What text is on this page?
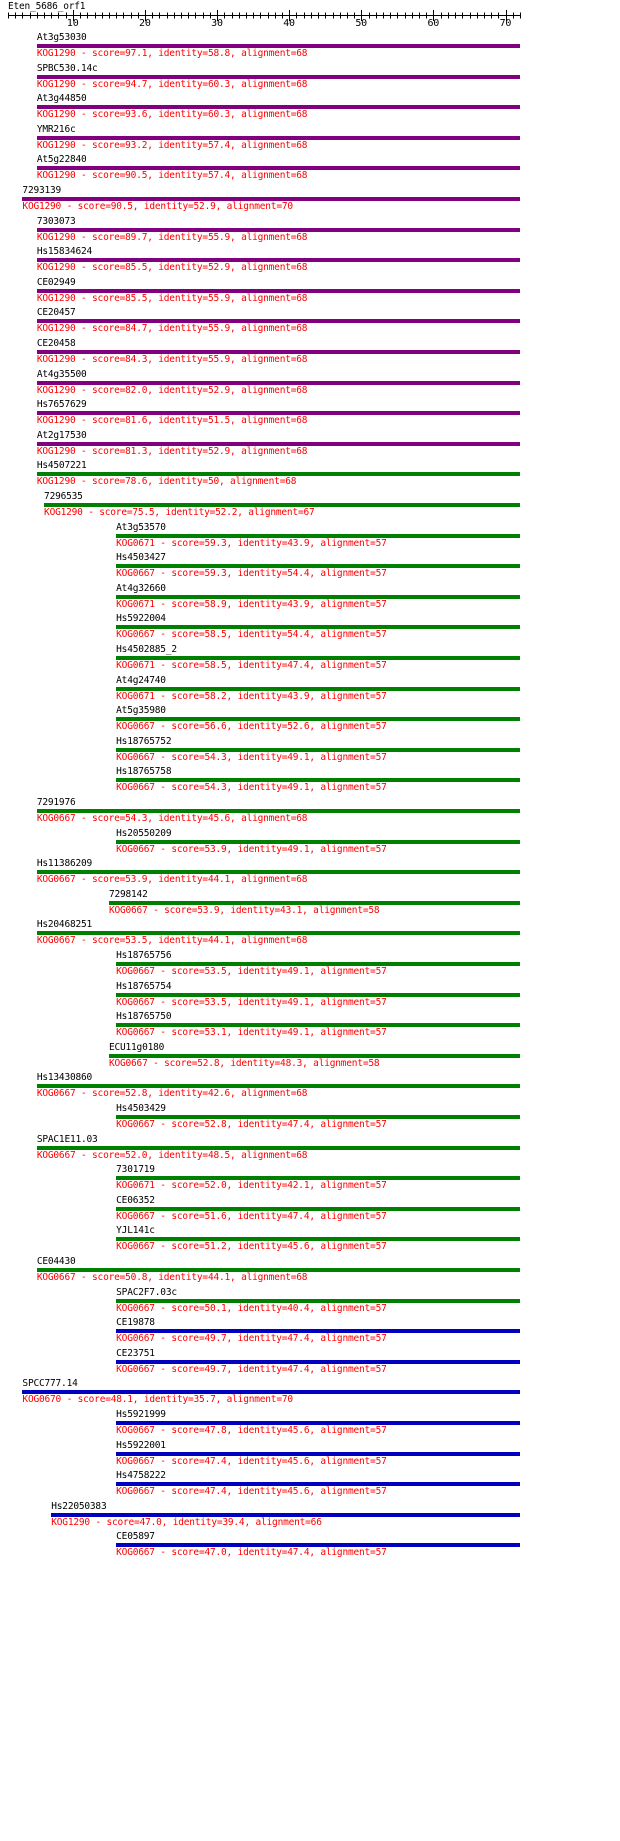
Eten_5686_orf1
At3g53030
KOG1290 - score=97.1, identity=58.8, alignment=68
SPBC530.14c
KOG1290 - score=94.7, identity=60.3, alignment=68
At3g44850
KOG1290 - score=93.6, identity=60.3, alignment=68
YMR216c
KOG1290 - score=93.2, identity=57.4, alignment=68
At5g22840
KOG1290 - score=90.5, identity=57.4, alignment=68
7293139
KOG1290 - score=90.5, identity=52.9, alignment=70
7303073
KOG1290 - score=89.7, identity=55.9, alignment=68
Hs15834624
KOG1290 - score=85.5, identity=52.9, alignment=68
CE02949
KOG1290 - score=85.5, identity=55.9, alignment=68
CE20457
KOG1290 - score=84.7, identity=55.9, alignment=68
CE20458
KOG1290 - score=84.3, identity=55.9, alignment=68
At4g35500
KOG1290 - score=82.0, identity=52.9, alignment=68
Hs7657629
KOG1290 - score=81.6, identity=51.5, alignment=68
At2g17530
KOG1290 - score=81.3, identity=52.9, alignment=68
Hs4507221
KOG1290 - score=78.6, identity=50, alignment=68
7296535
KOG1290 - score=75.5, identity=52.2, alignment=67
At3g53570
KOG0671 - score=59.3, identity=43.9, alignment=57
Hs4503427
KOG0667 - score=59.3, identity=54.4, alignment=57
At4g32660
KOG0671 - score=58.9, identity=43.9, alignment=57
Hs5922004
KOG0667 - score=58.5, identity=54.4, alignment=57
Hs4502885_2
KOG0671 - score=58.5, identity=47.4, alignment=57
At4g24740
KOG0671 - score=58.2, identity=43.9, alignment=57
At5g35980
KOG0667 - score=56.6, identity=52.6, alignment=57
Hs18765752
KOG0667 - score=54.3, identity=49.1, alignment=57
Hs18765758
KOG0667 - score=54.3, identity=49.1, alignment=57
7291976
KOG0667 - score=54.3, identity=45.6, alignment=68
Hs20550209
KOG0667 - score=53.9, identity=49.1, alignment=57
Hs11386209
KOG0667 - score=53.9, identity=44.1, alignment=68
7298142
KOG0667 - score=53.9, identity=43.1, alignment=58
Hs20468251
KOG0667 - score=53.5, identity=44.1, alignment=68
Hs18765756
KOG0667 - score=53.5, identity=49.1, alignment=57
Hs18765754
KOG0667 - score=53.5, identity=49.1, alignment=57
Hs18765750
KOG0667 - score=53.1, identity=49.1, alignment=57
ECU11g0180
KOG0667 - score=52.8, identity=48.3, alignment=58
Hs13430860
KOG0667 - score=52.8, identity=42.6, alignment=68
Hs4503429
KOG0667 - score=52.8, identity=47.4, alignment=57
SPAC1E11.03
KOG0667 - score=52.0, identity=48.5, alignment=68
7301719
KOG0671 - score=52.0, identity=42.1, alignment=57
CE06352
KOG0667 - score=51.6, identity=47.4, alignment=57
YJL141c
KOG0667 - score=51.2, identity=45.6, alignment=57
CE04430
KOG0667 - score=50.8, identity=44.1, alignment=68
SPAC2F7.03c
KOG0667 - score=50.1, identity=40.4, alignment=57
CE19878
KOG0667 - score=49.7, identity=47.4, alignment=57
CE23751
KOG0667 - score=49.7, identity=47.4, alignment=57
SPCC777.14
KOG0670 - score=48.1, identity=35.7, alignment=70
Hs5921999
KOG0667 - score=47.8, identity=45.6, alignment=57
Hs5922001
KOG0667 - score=47.4, identity=45.6, alignment=57
Hs4758222
KOG0667 - score=47.4, identity=45.6, alignment=57
Hs22050383
KOG1290 - score=47.0, identity=39.4, alignment=66
CE05897
KOG0667 - score=47.0, identity=47.4, alignment=57
10	20	30	40	50	60	70
